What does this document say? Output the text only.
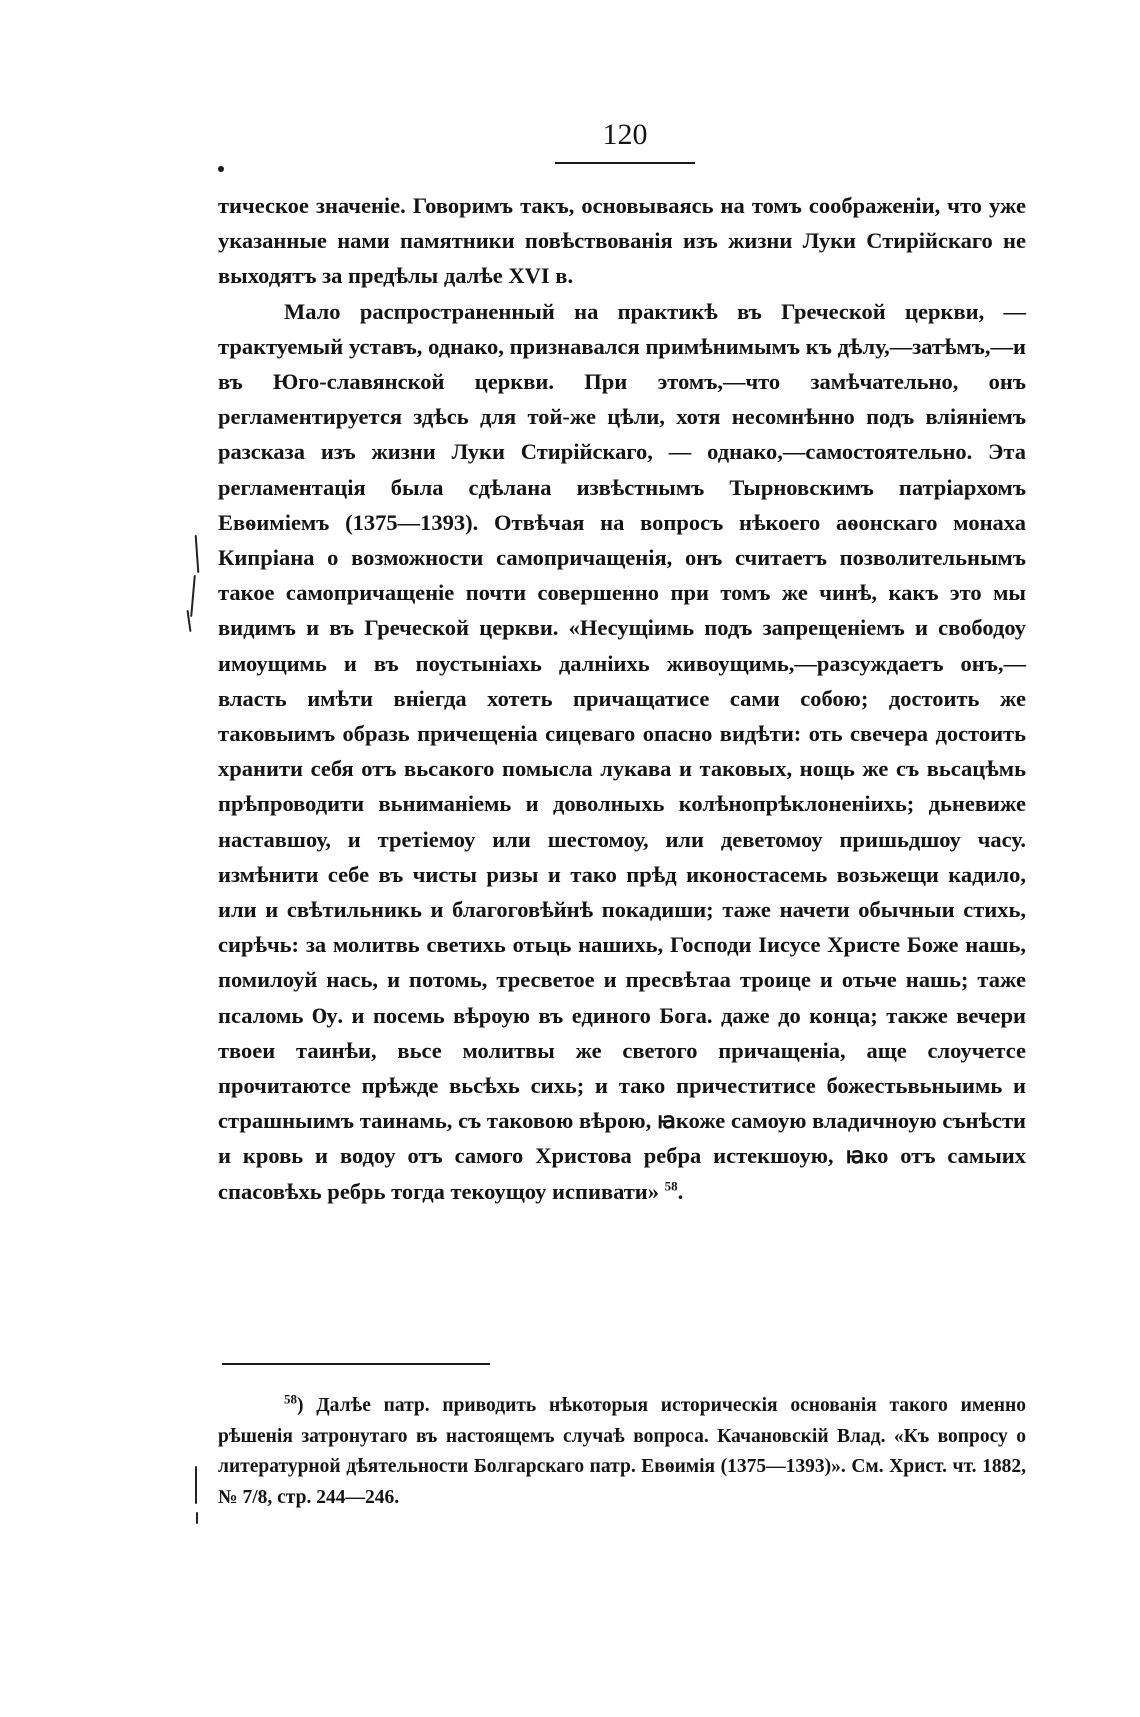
120

тическое значеніе. Говоримъ такъ, основываясь на томъ соображеніи, что уже указанные нами памятники повѣствованія изъ жизни Луки Стирійскаго не выходятъ за предѣлы далѣе XVI в.

Мало распространенный на практикѣ въ Греческой церкви, —трактуемый уставъ, однако, признавался примѣнимымъ къ дѣлу,—затѣмъ,—и въ Юго-славянской церкви. При этомъ,—что замѣчательно, онъ регламентируется здѣсь для той-же цѣли, хотя несомнѣнно подъ вліяніемъ разсказа изъ жизни Луки Стирійскаго, — однако,—самостоятельно. Эта регламентація была сдѣлана извѣстнымъ Тырновскимъ патріархомъ Евѳиміемъ (1375—1393). Отвѣчая на вопросъ нѣкоего аѳонскаго монаха Кипріана о возможности самопричащенія, онъ считаетъ позволительнымъ такое самопричащеніе почти совершенно при томъ же чинѣ, какъ это мы видимъ и въ Греческой церкви. «Несущіимь подъ запрещеніемъ и свободоу имоущимь и въ поустыніахь далніихь живоущимь,—разсуждаетъ онъ,—власть имѣти вніегда хотеть причащатисе сами собою; достоить же таковыимъ образь причещеніа сицеваго опасно видѣти: оть свечера достоить хранити себя отъ вьсакого помысла лукава и таковых, нощь же съ вьсацѣмь прѣпроводити вьниманіемь и доволныхь колѣнопрѣклоненіихь; дьневиже наставшоу, и третіемоу или шестомоу, или деветомоу пришьдшоу часу. измѣнити себе въ чисты ризы и тако прѣд иконостасемь возьжещи кадило, или и свѣтильникь и благоговѣйнѣ покадиши; таже начети обычныи стихь, сирѣчь: за молитвь светихь отьць нашихь, Господи Іисусе Христе Боже нашь, помилоуй нась, и потомь, тресветое и пресвѣтаа троице и отьче нашь; таже псаломь Ѹ. и посемь вѣроую въ единого Бога. даже до конца; также вечери твоеи таинѣи, вьсе молитвы же светого причащеніа, аще слоучетсе прочитаютсе прѣжде вьсѣхь сихь; и тако причеститисе божестьвьныимь и страшныимъ таинамь, съ таковою вѣрою, ꙗкоже самоую владичноую сънѣсти и кровь и водоу отъ самого Христова ребра истекшоую, ꙗко отъ самыих спасовѣхь ребрь тогда текоущоу испивати» $^{58}$.

$^{58}$) Далѣе патр. приводить нѣкоторыя историческія основанія такого именно рѣшенія затронутаго въ настоящемъ случаѣ вопроса. Качановскій Влад. «Къ вопросу о литературной дѣятельности Болгарскаго патр. Евѳимія (1375—1393)». См. Христ. чт. 1882, № 7/8, стр. 244—246.
